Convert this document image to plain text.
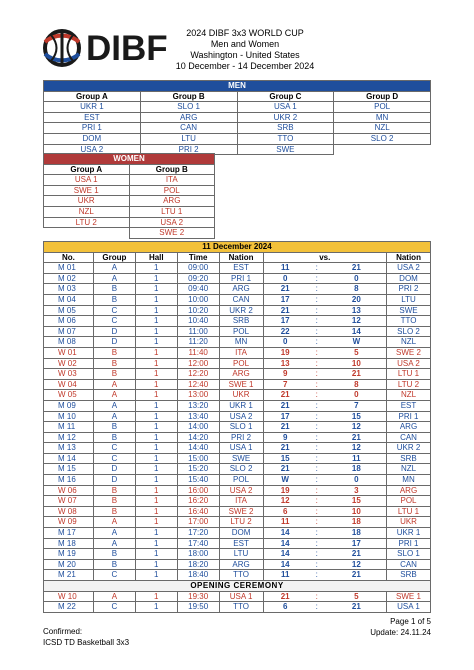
DIBF	2024 DIBF 3x3 WORLD CUP
Men and Women
Washington - United States
10 December - 14 December 2024
MEN			
Group A	Group B	Group C	Group D
UKR 1	SLO 1	USA 1	POL
EST	ARG	UKR 2	MN
PRI 1	CAN	SRB	NZL
DOM	LTU	TTO	SLO 2
USA 2	PRI 2	SWE	
WOMEN	
Group A	Group B
USA 1	ITA
SWE 1	POL
UKR	ARG
NZL	LTU 1
LTU 2	USA 2
	SWE 2
11 December 2024								
No.	Group	Hall	Time	Nation	vs.			Nation
M 01	A	1	09:00	EST	11	:	21	USA 2
M 02	A	1	09:20	PRI 1	0	:	0	DOM
M 03	B	1	09:40	ARG	21	:	8	PRI 2
M 04	B	1	10:00	CAN	17	:	20	LTU
M 05	C	1	10:20	UKR 2	21	:	13	SWE
M 06	C	1	10:40	SRB	17	:	12	TTO
M 07	D	1	11:00	POL	22	:	14	SLO 2
M 08	D	1	11:20	MN	0	:	W	NZL
W 01	B	1	11:40	ITA	19	:	5	SWE 2
W 02	B	1	12:00	POL	13	:	10	USA 2
W 03	B	1	12:20	ARG	9	:	21	LTU 1
W 04	A	1	12:40	SWE 1	7	:	8	LTU 2
W 05	A	1	13:00	UKR	21	:	0	NZL
M 09	A	1	13:20	UKR 1	21	:	7	EST
M 10	A	1	13:40	USA 2	17	:	15	PRI 1
M 11	B	1	14:00	SLO 1	21	:	12	ARG
M 12	B	1	14:20	PRI 2	9	:	21	CAN
M 13	C	1	14:40	USA 1	21	:	12	UKR 2
M 14	C	1	15:00	SWE	15	:	11	SRB
M 15	D	1	15:20	SLO 2	21	:	18	NZL
M 16	D	1	15:40	POL	W	:	0	MN
W 06	B	1	16:00	USA 2	19	:	3	ARG
W 07	B	1	16:20	ITA	12	:	15	POL
W 08	B	1	16:40	SWE 2	6	:	10	LTU 1
W 09	A	1	17:00	LTU 2	11	:	18	UKR
M 17	A	1	17:20	DOM	14	:	18	UKR 1
M 18	A	1	17:40	EST	14	:	17	PRI 1
M 19	B	1	18:00	LTU	14	:	21	SLO 1
M 20	B	1	18:20	ARG	14	:	12	CAN
M 21	C	1	18:40	TTO	11	:	21	SRB
OPENING CEREMONY								
W 10	A	1	19:30	USA 1	21	:	5	SWE 1
M 22	C	1	19:50	TTO	6	:	21	USA 1
Page 1 of 5
Update: 24.11.24
Confirmed:
ICSD TD Basketball 3x3
